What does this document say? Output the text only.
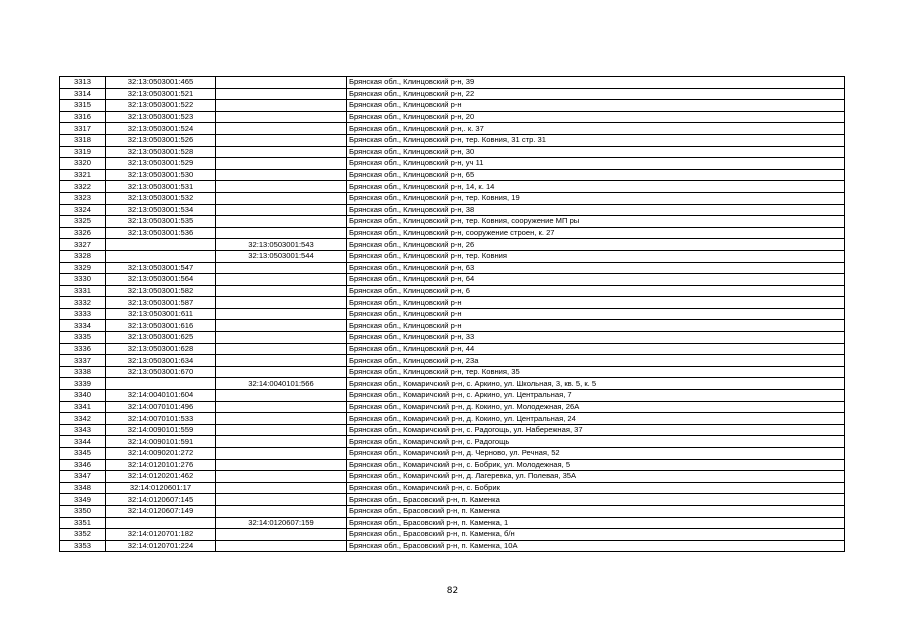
3313	32:13:0503001:465		Брянская обл., Клинцовский р-н, 39
3314	32:13:0503001:521		Брянская обл., Клинцовский р-н, 22
3315	32:13:0503001:522		Брянская обл., Клинцовский р-н
3316	32:13:0503001:523		Брянская обл., Клинцовский р-н, 20
3317	32:13:0503001:524		Брянская обл., Клинцовский р-н,. к. 37
3318	32:13:0503001:526		Брянская обл., Клинцовский р-н, тер. Ковния, 31 стр. 31
3319	32:13:0503001:528		Брянская обл., Клинцовский р-н, 30
3320	32:13:0503001:529		Брянская обл., Клинцовский р-н, уч 11
3321	32:13:0503001:530		Брянская обл., Клинцовский р-н, 65
3322	32:13:0503001:531		Брянская обл., Клинцовский р-н, 14, к. 14
3323	32:13:0503001:532		Брянская обл., Клинцовский р-н, тер. Ковния, 19
3324	32:13:0503001:534		Брянская обл., Клинцовский р-н, 38
3325	32:13:0503001:535		Брянская обл., Клинцовский р-н, тер. Ковния, сооружение МП ры
3326	32:13:0503001:536		Брянская обл., Клинцовский р-н, сооружение строен, к. 27
3327		32:13:0503001:543	Брянская обл., Клинцовский р-н, 26
3328		32:13:0503001:544	Брянская обл., Клинцовский р-н, тер. Ковния
3329	32:13:0503001:547		Брянская обл., Клинцовский р-н, 63
3330	32:13:0503001:564		Брянская обл., Клинцовский р-н, 64
3331	32:13:0503001:582		Брянская обл., Клинцовский р-н, 6
3332	32:13:0503001:587		Брянская обл., Клинцовский р-н
3333	32:13:0503001:611		Брянская обл., Клинцовский р-н
3334	32:13:0503001:616		Брянская обл., Клинцовский р-н
3335	32:13:0503001:625		Брянская обл., Клинцовский р-н, 33
3336	32:13:0503001:628		Брянская обл., Клинцовский р-н, 44
3337	32:13:0503001:634		Брянская обл., Клинцовский р-н, 23а
3338	32:13:0503001:670		Брянская обл., Клинцовский р-н, тер. Ковния, 35
3339		32:14:0040101:566	Брянская обл., Комаричский р-н, с. Аркино, ул. Школьная, 3, кв. 5, к. 5
3340	32:14:0040101:604		Брянская обл., Комаричский р-н, с. Аркино, ул. Центральная, 7
3341	32:14:0070101:496		Брянская обл., Комаричский р-н, д. Кокино, ул. Молодежная, 26А
3342	32:14:0070101:533		Брянская обл., Комаричский р-н, д. Кокино, ул. Центральная, 24
3343	32:14:0090101:559		Брянская обл., Комаричский р-н, с. Радогощь, ул. Набережная, 37
3344	32:14:0090101:591		Брянская обл., Комаричский р-н, с. Радогощь
3345	32:14:0090201:272		Брянская обл., Комаричский р-н, д. Черново, ул. Речная, 52
3346	32:14:0120101:276		Брянская обл., Комаричский р-н, с. Бобрик, ул. Молодежная, 5
3347	32:14:0120201:462		Брянская обл., Комаричский р-н, д. Лагеревка, ул. Полевая, 35А
3348	32:14:0120601:17		Брянская обл., Комаричский р-н, с. Бобрик
3349	32:14:0120607:145		Брянская обл., Брасовский р-н, п. Каменка
3350	32:14:0120607:149		Брянская обл., Брасовский р-н, п. Каменка
3351		32:14:0120607:159	Брянская обл., Брасовский р-н, п. Каменка, 1
3352	32:14:0120701:182		Брянская обл., Брасовский р-н, п. Каменка, б/н
3353	32:14:0120701:224		Брянская обл., Брасовский р-н, п. Каменка, 10А
82
